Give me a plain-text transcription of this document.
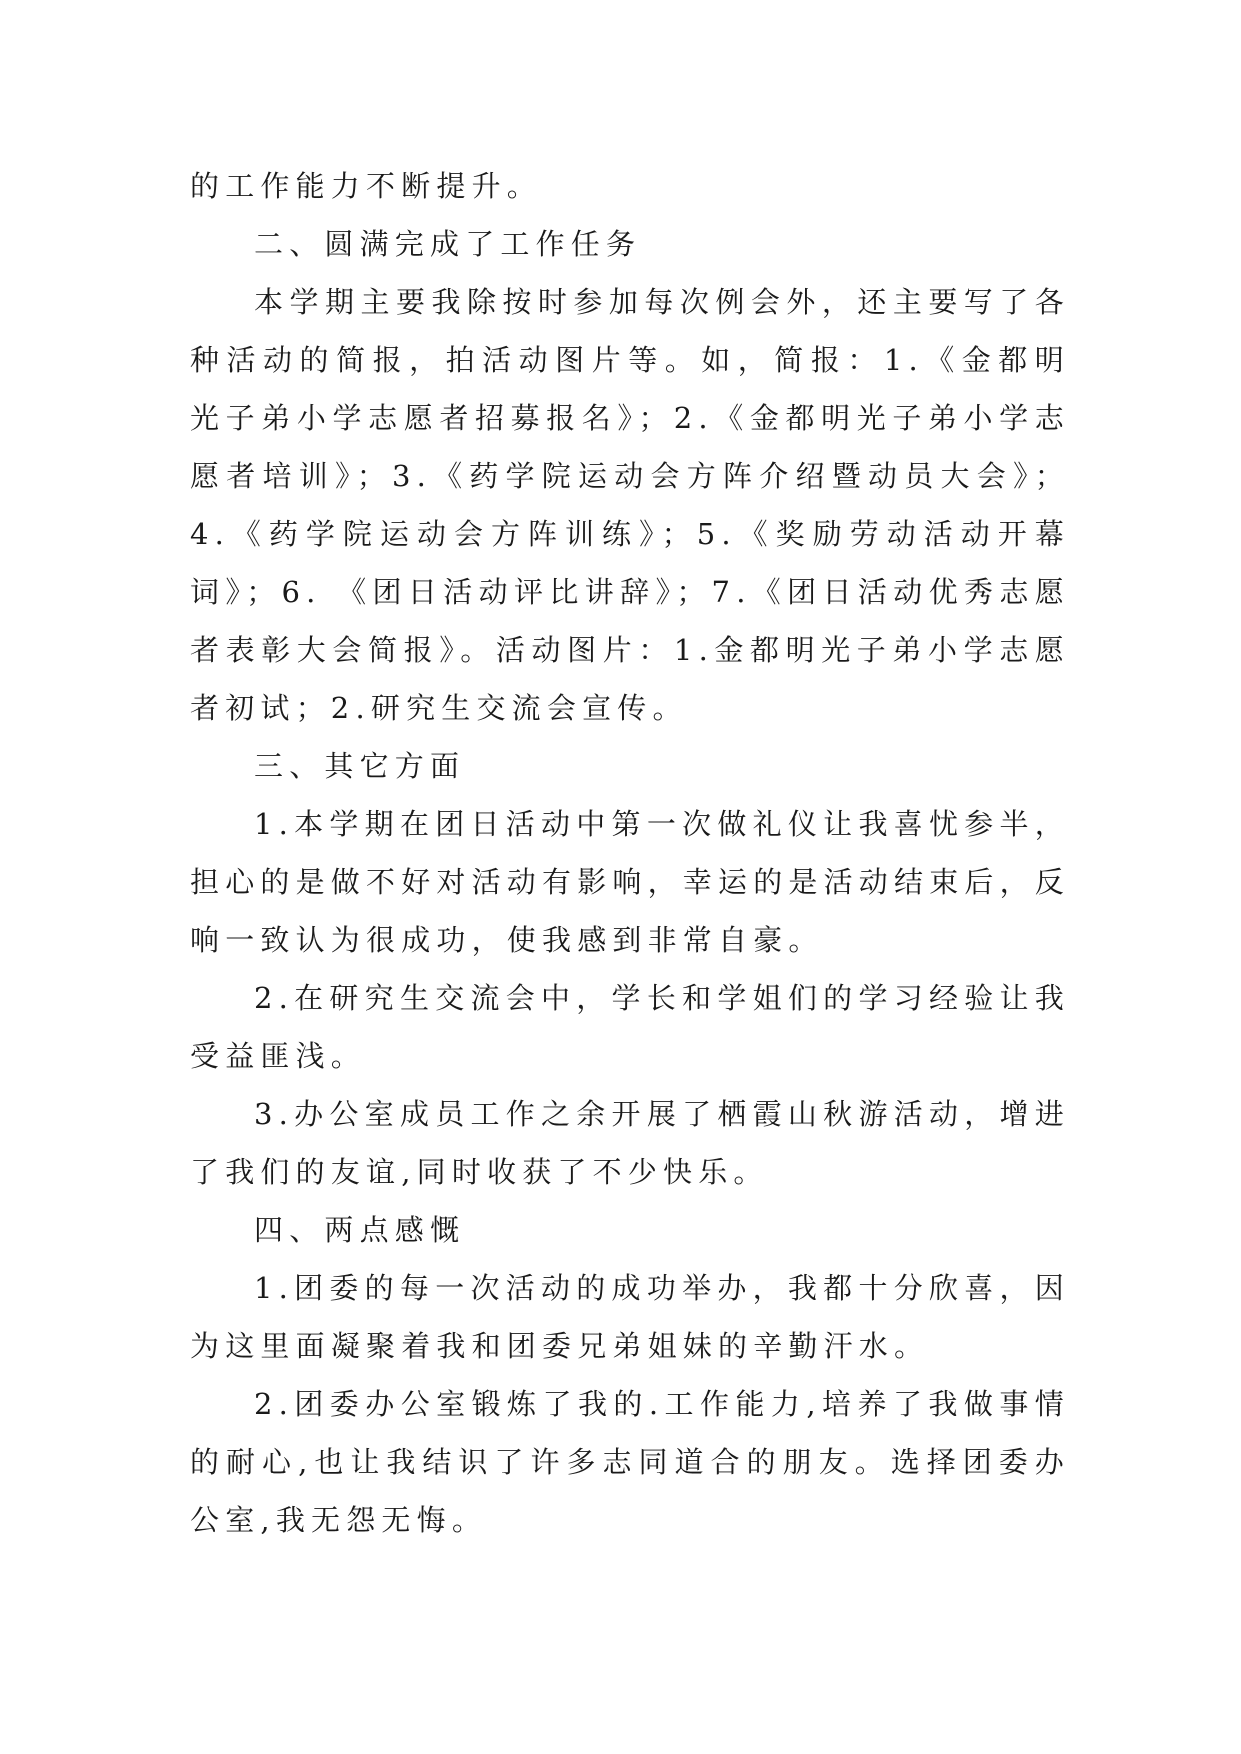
的工作能力不断提升。

二、圆满完成了工作任务

本学期主要我除按时参加每次例会外，还主要写了各种活动的简报，拍活动图片等。如，简报：1.《金都明光子弟小学志愿者招募报名》；2.《金都明光子弟小学志愿者培训》；3.《药学院运动会方阵介绍暨动员大会》；4.《药学院运动会方阵训练》；5.《奖励劳动活动开幕词》；6. 《团日活动评比讲辞》；7.《团日活动优秀志愿者表彰大会简报》。活动图片：1.金都明光子弟小学志愿者初试；2.研究生交流会宣传。

三、其它方面

1.本学期在团日活动中第一次做礼仪让我喜忧参半，担心的是做不好对活动有影响，幸运的是活动结束后，反响一致认为很成功，使我感到非常自豪。

2.在研究生交流会中，学长和学姐们的学习经验让我受益匪浅。

3.办公室成员工作之余开展了栖霞山秋游活动，增进了我们的友谊,同时收获了不少快乐。

四、两点感慨

1.团委的每一次活动的成功举办，我都十分欣喜，因为这里面凝聚着我和团委兄弟姐妹的辛勤汗水。

2.团委办公室锻炼了我的.工作能力,培养了我做事情的耐心,也让我结识了许多志同道合的朋友。选择团委办公室,我无怨无悔。
